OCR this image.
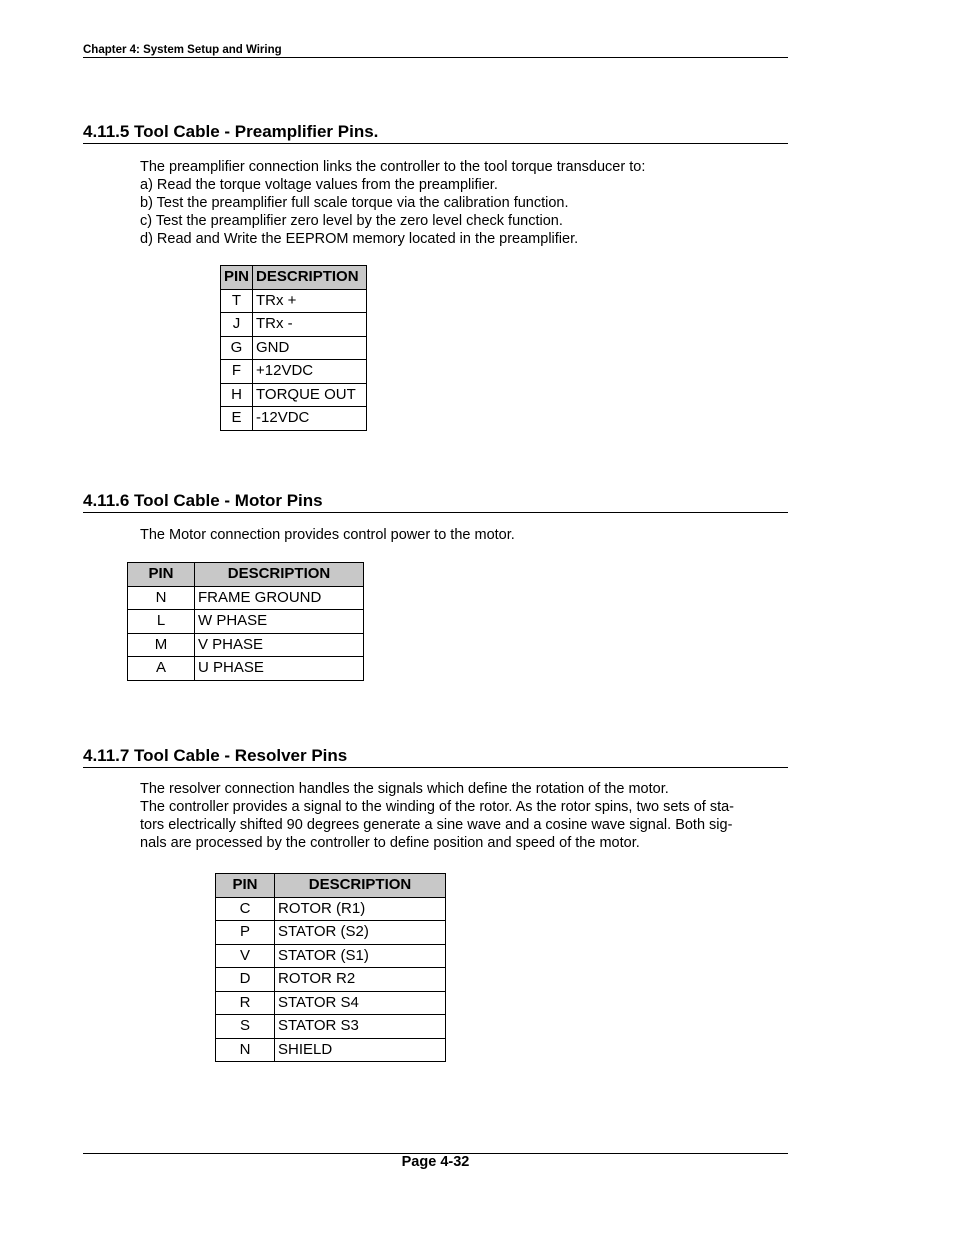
Chapter 4: System Setup and Wiring
4.11.5 Tool Cable - Preamplifier Pins.
The preamplifier connection links the controller to the tool torque transducer to:
a) Read the torque voltage values from the preamplifier.
b) Test the preamplifier full scale torque via the calibration function.
c) Test the preamplifier zero level by the zero level check function.
d) Read and Write the EEPROM memory located in the preamplifier.
PIN	DESCRIPTION
T	TRx +
J	TRx -
G	GND
F	+12VDC
H	TORQUE OUT
E	-12VDC
4.11.6 Tool Cable - Motor Pins
The Motor connection provides control power to the motor.
PIN	DESCRIPTION
N	FRAME GROUND
L	W PHASE
M	V PHASE
A	U PHASE
4.11.7 Tool Cable - Resolver Pins
The resolver connection handles the signals which define the rotation of the motor.
The controller provides a signal to the winding of the rotor. As the rotor spins, two sets of sta-
tors electrically shifted 90 degrees generate a sine wave and a cosine wave signal. Both sig-
nals are processed by the controller to define position and speed of the motor.
PIN	DESCRIPTION
C	ROTOR (R1)
P	STATOR (S2)
V	STATOR (S1)
D	ROTOR R2
R	STATOR S4
S	STATOR S3
N	SHIELD
Page 4-32
